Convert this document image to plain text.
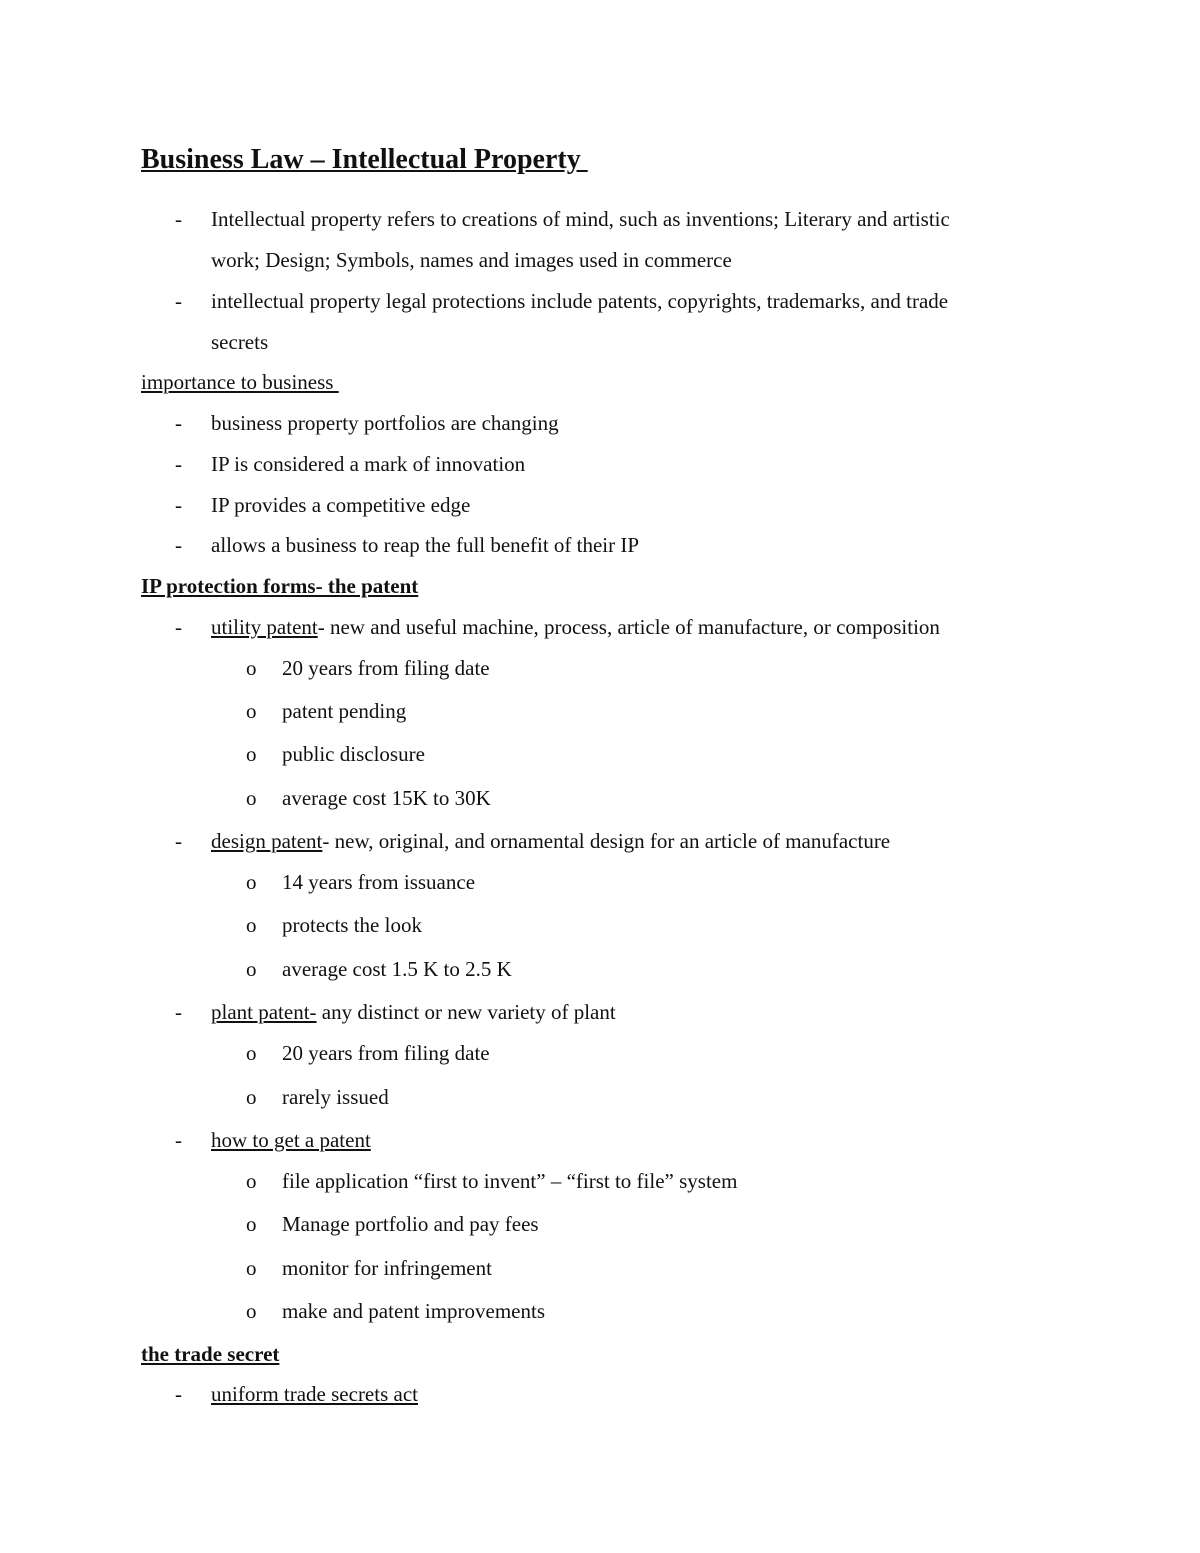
Business Law – Intellectual Property
- Intellectual property refers to creations of mind, such as inventions; Literary and artistic
work; Design; Symbols, names and images used in commerce
- intellectual property legal protections include patents, copyrights, trademarks, and trade
secrets
importance to business
- business property portfolios are changing
- IP is considered a mark of innovation
- IP provides a competitive edge
- allows a business to reap the full benefit of their IP
IP protection forms- the patent
- utility patent- new and useful machine, process, article of manufacture, or composition
o 20 years from filing date
o patent pending
o public disclosure
o average cost 15K to 30K
- design patent- new, original, and ornamental design for an article of manufacture
o 14 years from issuance
o protects the look
o average cost 1.5 K to 2.5 K
- plant patent- any distinct or new variety of plant
o 20 years from filing date
o rarely issued
- how to get a patent
o file application “first to invent” – “first to file” system
o Manage portfolio and pay fees
o monitor for infringement
o make and patent improvements
the trade secret
- uniform trade secrets act
